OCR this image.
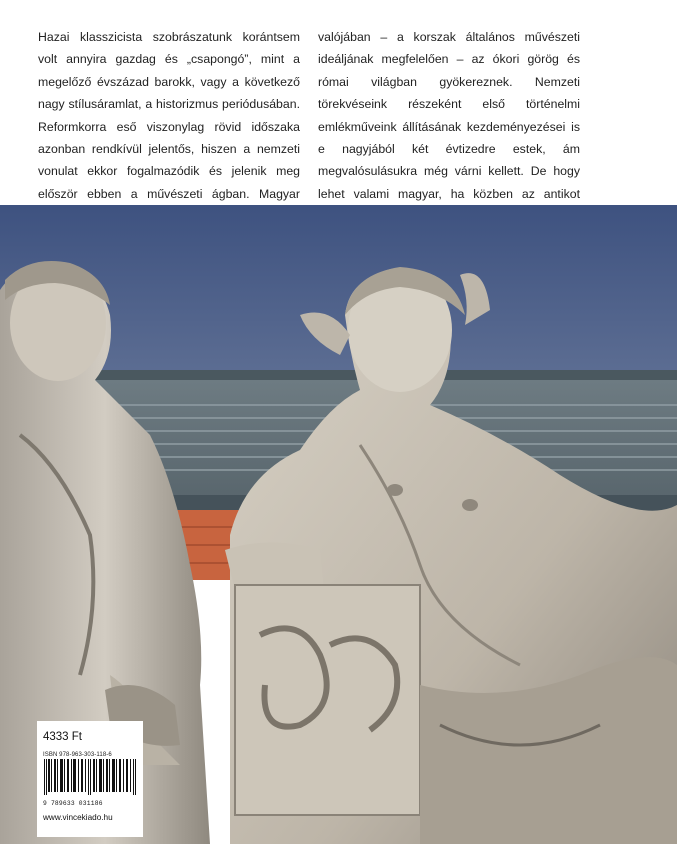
Hazai klasszicista szobrászatunk korántsem volt annyira gazdag és „csapongó”, mint a megelőző évszázad barokk, vagy a következő nagy stílusáramlat, a historizmus periódusában. Reformkorra eső viszonylag rövid időszaka azonban rendkívül jelentős, hiszen a nemzeti vonulat ekkor fogalmazódik és jelenik meg először ebben a művészeti ágban. Magyar
valójában – a korszak általános művészeti ideáljának megfelelően – az ókori görög és római világban gyökereznek. Nemzeti törekvéseink részeként első történelmi emlékműveink állításának kezdeményezései is e nagyjából két évtizedre estek, ám megvalósulásukra még várni kellett. De hogy lehet valami magyar, ha közben az antikot
4333 Ft
ISBN 978-963-303-118-6
9 789633 031186
www.vincekiado.hu
